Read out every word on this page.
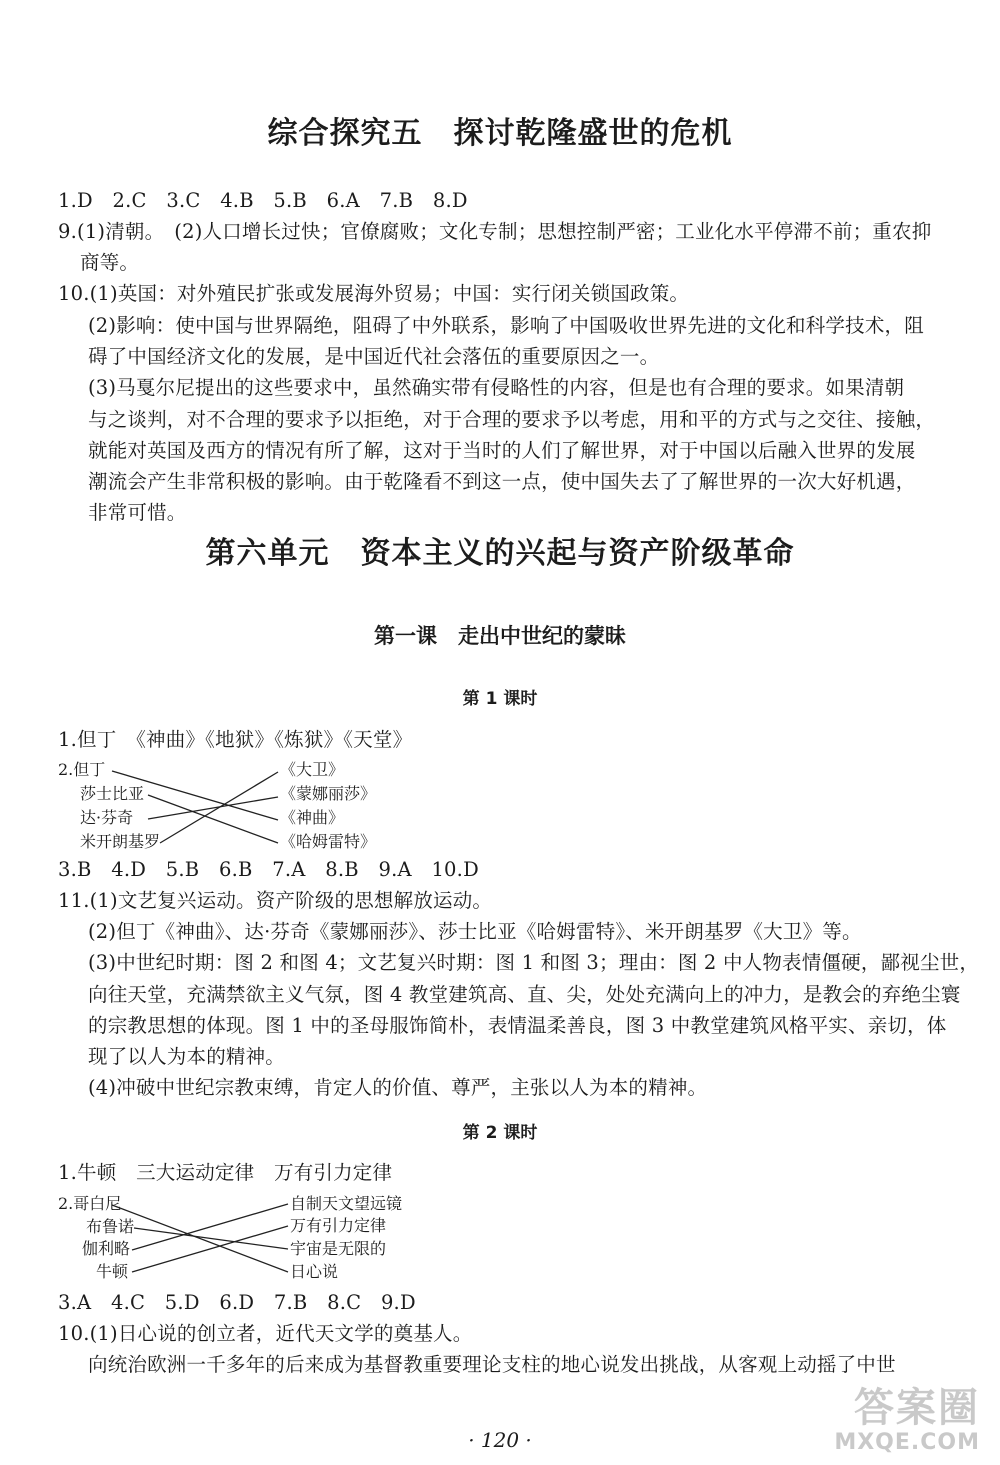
综合探究五　探讨乾隆盛世的危机
1.D　2.C　3.C　4.B　5.B　6.A　7.B　8.D
9.(1)清朝。　(2)人口增长过快；官僚腐败；文化专制；思想控制严密；工业化水平停滞不前；重农抑
商等。
10.(1)英国：对外殖民扩张或发展海外贸易；中国：实行闭关锁国政策。
(2)影响：使中国与世界隔绝，阻碍了中外联系，影响了中国吸收世界先进的文化和科学技术，阻
碍了中国经济文化的发展，是中国近代社会落伍的重要原因之一。
(3)马戛尔尼提出的这些要求中，虽然确实带有侵略性的内容，但是也有合理的要求。如果清朝
与之谈判，对不合理的要求予以拒绝，对于合理的要求予以考虑，用和平的方式与之交往、接触，
就能对英国及西方的情况有所了解，这对于当时的人们了解世界，对于中国以后融入世界的发展
潮流会产生非常积极的影响。由于乾隆看不到这一点，使中国失去了了解世界的一次大好机遇，
非常可惜。
第六单元　资本主义的兴起与资产阶级革命
第一课　走出中世纪的蒙昧
第 1 课时
1.但丁　《神曲》《地狱》《炼狱》《天堂》
2.但丁
莎士比亚
达·芬奇
米开朗基罗
《大卫》
《蒙娜丽莎》
《神曲》
《哈姆雷特》
3.B　4.D　5.B　6.B　7.A　8.B　9.A　10.D
11.(1)文艺复兴运动。资产阶级的思想解放运动。
(2)但丁《神曲》、达·芬奇《蒙娜丽莎》、莎士比亚《哈姆雷特》、米开朗基罗《大卫》等。
(3)中世纪时期：图 2 和图 4；文艺复兴时期：图 1 和图 3；理由：图 2 中人物表情僵硬，鄙视尘世，
向往天堂，充满禁欲主义气氛，图 4 教堂建筑高、直、尖，处处充满向上的冲力，是教会的弃绝尘寰
的宗教思想的体现。图 1 中的圣母服饰简朴，表情温柔善良，图 3 中教堂建筑风格平实、亲切，体
现了以人为本的精神。
(4)冲破中世纪宗教束缚，肯定人的价值、尊严，主张以人为本的精神。
第 2 课时
1.牛顿　三大运动定律　万有引力定律
2.哥白尼
布鲁诺
伽利略
牛顿
自制天文望远镜
万有引力定律
宇宙是无限的
日心说
3.A　4.C　5.D　6.D　7.B　8.C　9.D
10.(1)日心说的创立者，近代天文学的奠基人。
向统治欧洲一千多年的后来成为基督教重要理论支柱的地心说发出挑战，从客观上动摇了中世
· 120 ·
答案圈
MXQE.COM
